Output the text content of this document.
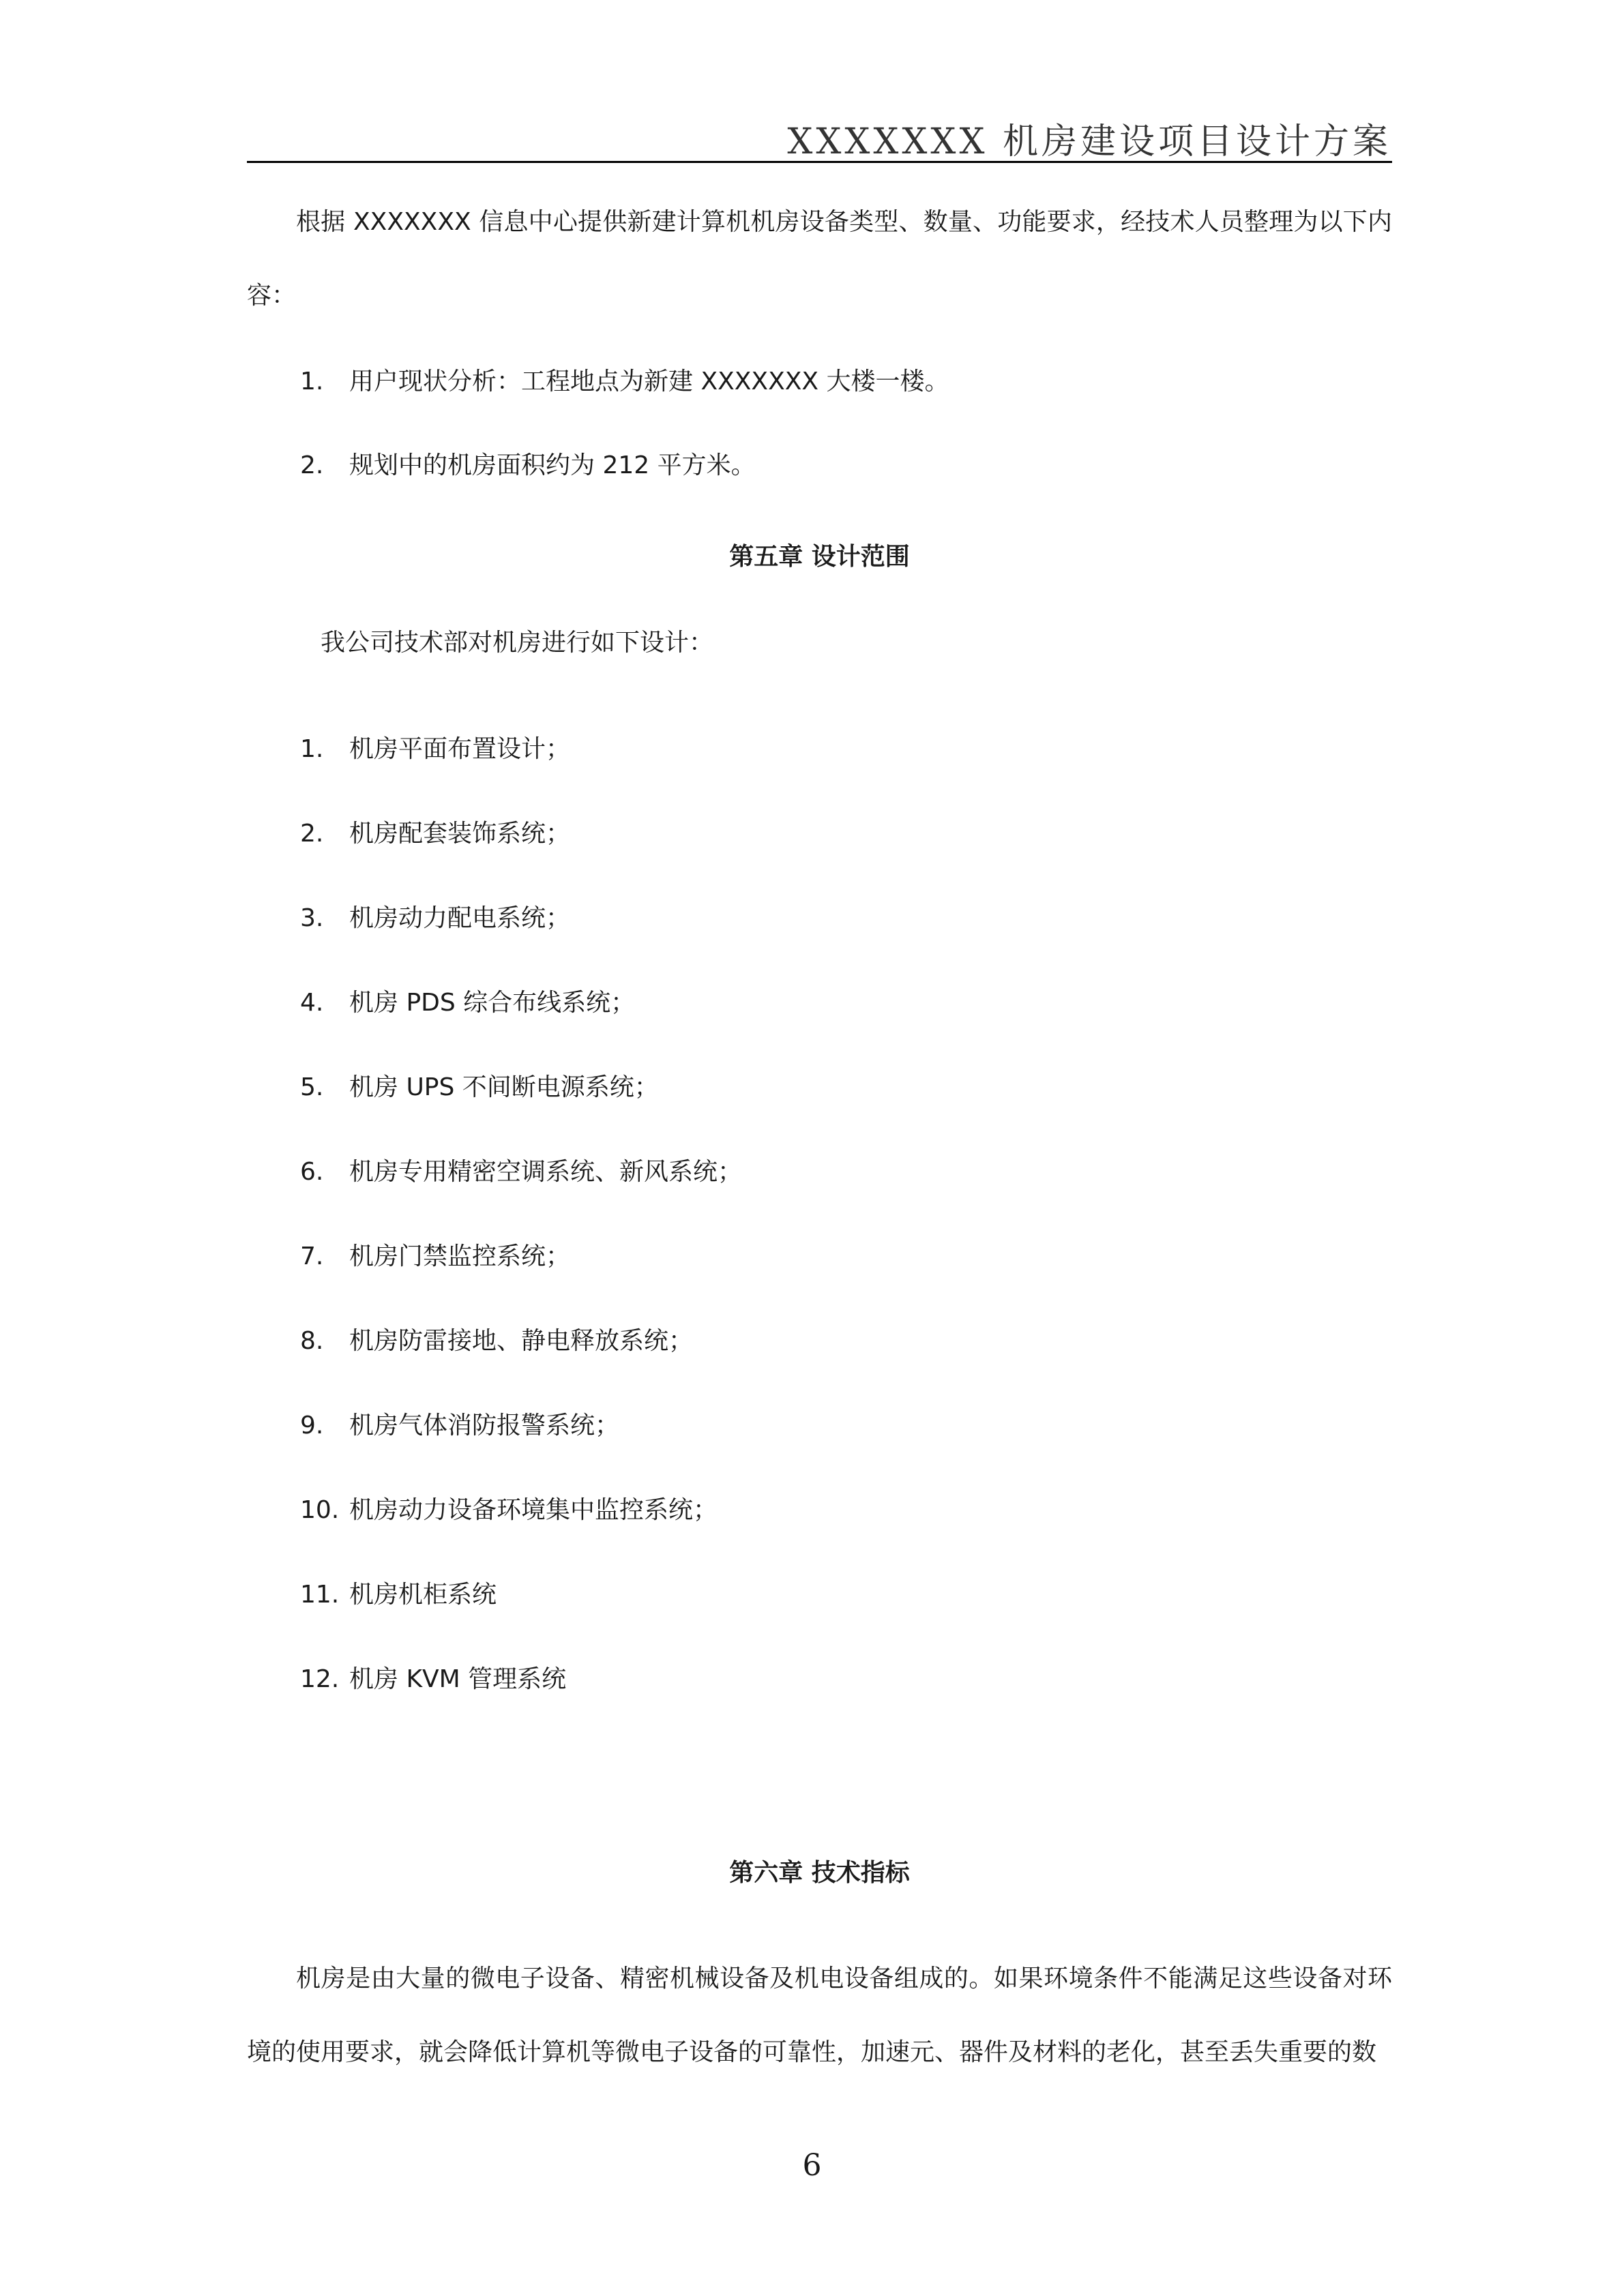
XXXXXXX 机房建设项目设计方案

根据 XXXXXXX 信息中心提供新建计算机机房设备类型、数量、功能要求，经技术人员整理为以下内容：

1. 用户现状分析：工程地点为新建 XXXXXXX 大楼一楼。
2. 规划中的机房面积约为 212 平方米。
第五章 设计范围
我公司技术部对机房进行如下设计：
1. 机房平面布置设计；
2. 机房配套装饰系统；
3. 机房动力配电系统；
4. 机房 PDS 综合布线系统；
5. 机房 UPS 不间断电源系统；
6. 机房专用精密空调系统、新风系统；
7. 机房门禁监控系统；
8. 机房防雷接地、静电释放系统；
9. 机房气体消防报警系统；
10. 机房动力设备环境集中监控系统；
11. 机房机柜系统
12. 机房 KVM 管理系统
第六章 技术指标

机房是由大量的微电子设备、精密机械设备及机电设备组成的。如果环境条件不能满足这些设备对环境的使用要求，就会降低计算机等微电子设备的可靠性，加速元、器件及材料的老化，甚至丢失重要的数

6
